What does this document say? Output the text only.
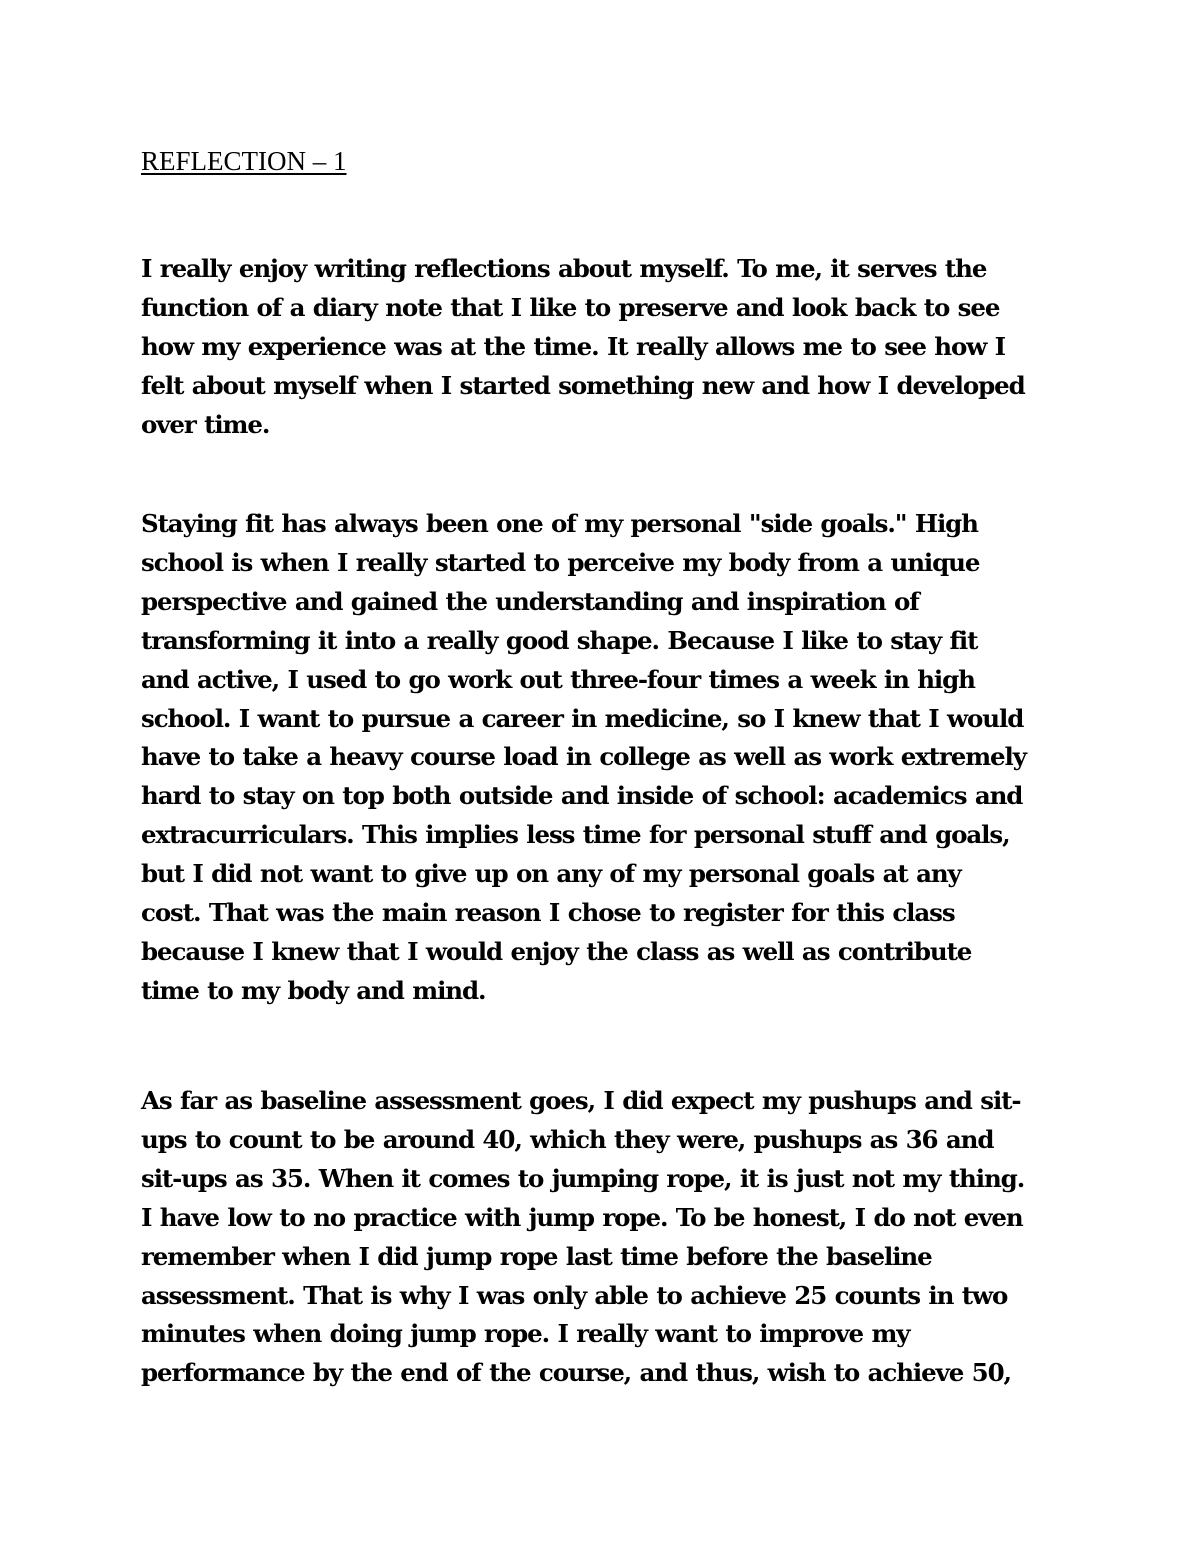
REFLECTION – 1
I really enjoy writing reflections about myself. To me, it serves the
function of a diary note that I like to preserve and look back to see
how my experience was at the time. It really allows me to see how I
felt about myself when I started something new and how I developed
over time.
Staying fit has always been one of my personal "side goals." High
school is when I really started to perceive my body from a unique
perspective and gained the understanding and inspiration of
transforming it into a really good shape. Because I like to stay fit
and active, I used to go work out three-four times a week in high
school. I want to pursue a career in medicine, so I knew that I would
have to take a heavy course load in college as well as work extremely
hard to stay on top both outside and inside of school: academics and
extracurriculars. This implies less time for personal stuff and goals,
but I did not want to give up on any of my personal goals at any
cost. That was the main reason I chose to register for this class
because I knew that I would enjoy the class as well as contribute
time to my body and mind.
As far as baseline assessment goes, I did expect my pushups and sit-
ups to count to be around 40, which they were, pushups as 36 and
sit-ups as 35. When it comes to jumping rope, it is just not my thing.
I have low to no practice with jump rope. To be honest, I do not even
remember when I did jump rope last time before the baseline
assessment. That is why I was only able to achieve 25 counts in two
minutes when doing jump rope. I really want to improve my
performance by the end of the course, and thus, wish to achieve 50,
